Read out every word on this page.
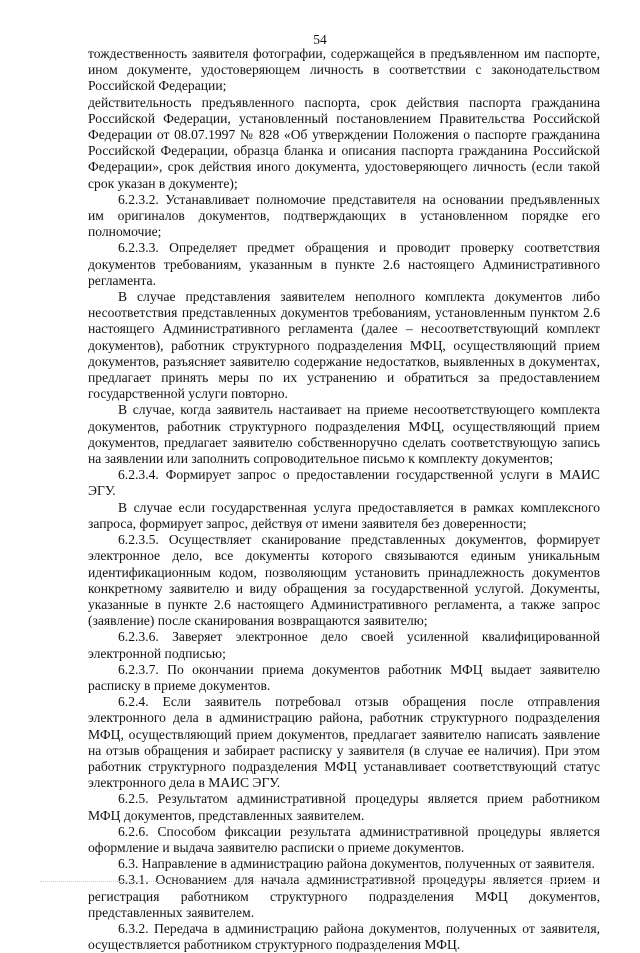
54

тождественность заявителя фотографии, содержащейся в предъявленном им паспорте, ином документе, удостоверяющем личность в соответствии с законодательством Российской Федерации;

действительность предъявленного паспорта, срок действия паспорта гражданина Российской Федерации, установленный постановлением Правительства Российской Федерации от 08.07.1997 № 828 «Об утверждении Положения о паспорте гражданина Российской Федерации, образца бланка и описания паспорта гражданина Российской Федерации», срок действия иного документа, удостоверяющего личность (если такой срок указан в документе);

6.2.3.2. Устанавливает полномочие представителя на основании предъявленных им оригиналов документов, подтверждающих в установленном порядке его полномочие;

6.2.3.3. Определяет предмет обращения и проводит проверку соответствия документов требованиям, указанным в пункте 2.6 настоящего Административного регламента.

В случае представления заявителем неполного комплекта документов либо несоответствия представленных документов требованиям, установленным пунктом 2.6 настоящего Административного регламента (далее – несоответствующий комплект документов), работник структурного подразделения МФЦ, осуществляющий прием документов, разъясняет заявителю содержание недостатков, выявленных в документах, предлагает принять меры по их устранению и обратиться за предоставлением государственной услуги повторно.

В случае, когда заявитель настаивает на приеме несоответствующего комплекта документов, работник структурного подразделения МФЦ, осуществляющий прием документов, предлагает заявителю собственноручно сделать соответствующую запись на заявлении или заполнить сопроводительное письмо к комплекту документов;

6.2.3.4. Формирует запрос о предоставлении государственной услуги в МАИС ЭГУ.

В случае если государственная услуга предоставляется в рамках комплексного запроса, формирует запрос, действуя от имени заявителя без доверенности;

6.2.3.5. Осуществляет сканирование представленных документов, формирует электронное дело, все документы которого связываются единым уникальным идентификационным кодом, позволяющим установить принадлежность документов конкретному заявителю и виду обращения за государственной услугой. Документы, указанные в пункте 2.6 настоящего Административного регламента, а также запрос (заявление) после сканирования возвращаются заявителю;

6.2.3.6. Заверяет электронное дело своей усиленной квалифицированной электронной подписью;

6.2.3.7. По окончании приема документов работник МФЦ выдает заявителю расписку в приеме документов.

6.2.4. Если заявитель потребовал отзыв обращения после отправления электронного дела в администрацию района, работник структурного подразделения МФЦ, осуществляющий прием документов, предлагает заявителю написать заявление на отзыв обращения и забирает расписку у заявителя (в случае ее наличия). При этом работник структурного подразделения МФЦ устанавливает соответствующий статус электронного дела в МАИС ЭГУ.

6.2.5. Результатом административной процедуры является прием работником МФЦ документов, представленных заявителем.

6.2.6. Способом фиксации результата административной процедуры является оформление и выдача заявителю расписки о приеме документов.

6.3. Направление в администрацию района документов, полученных от заявителя.

6.3.1. Основанием для начала административной процедуры является прием и регистрация работником структурного подразделения МФЦ документов, представленных заявителем.

6.3.2. Передача в администрацию района документов, полученных от заявителя, осуществляется работником структурного подразделения МФЦ.
